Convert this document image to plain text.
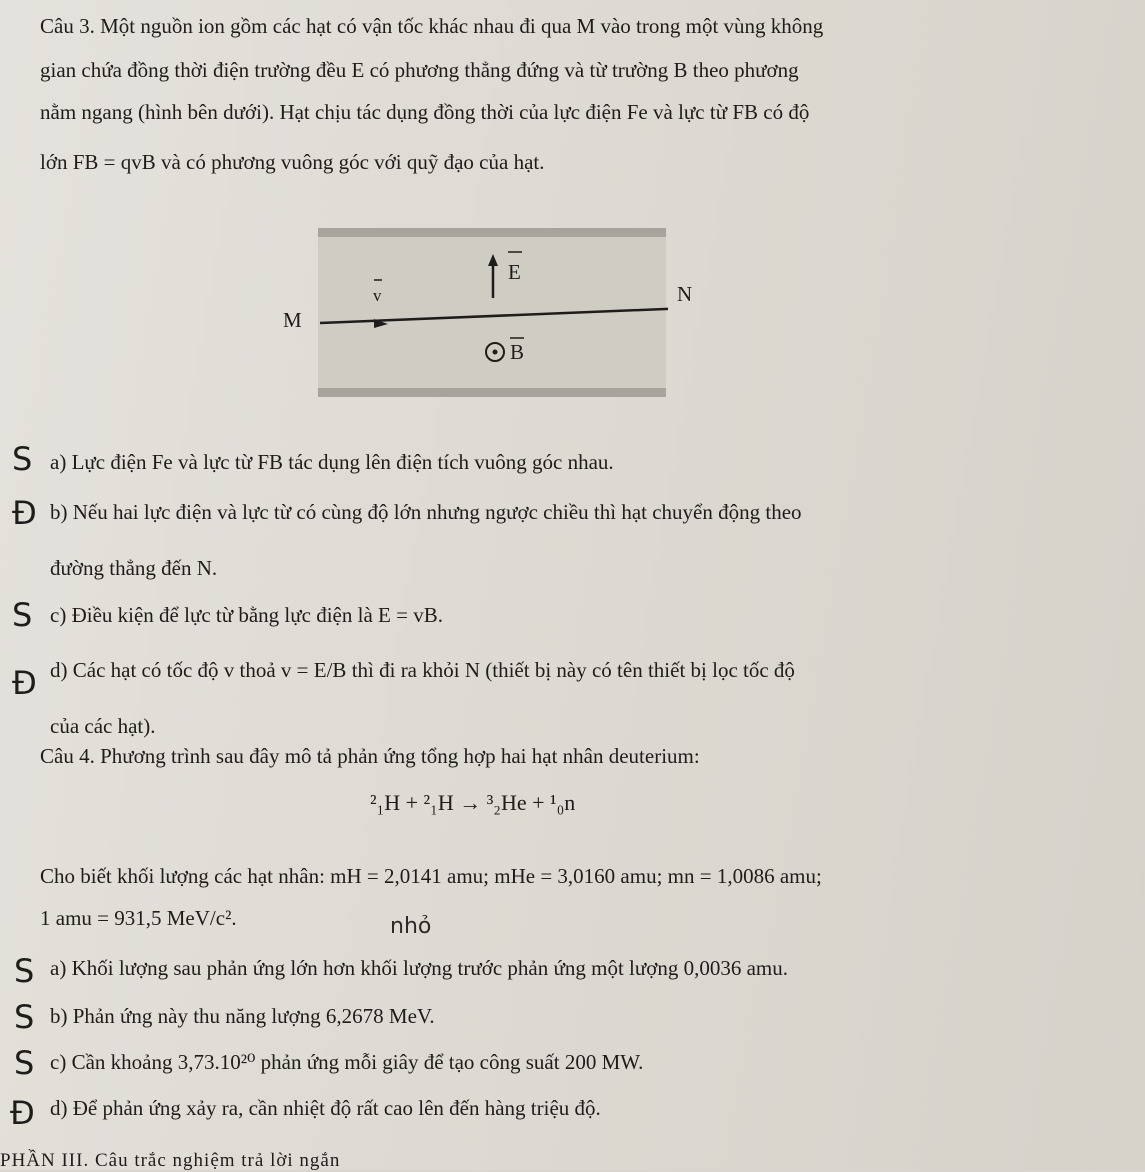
Câu 3. Một nguồn ion gồm các hạt có vận tốc khác nhau đi qua M vào trong một vùng không
gian chứa đồng thời điện trường đều E có phương thẳng đứng và từ trường B theo phương
nằm ngang (hình bên dưới). Hạt chịu tác dụng đồng thời của lực điện Fe và lực từ FB có độ
lớn FB = qvB và có phương vuông góc với quỹ đạo của hạt.
E
v
B
M
N
a) Lực điện Fe và lực từ FB tác dụng lên điện tích vuông góc nhau.
b) Nếu hai lực điện và lực từ có cùng độ lớn nhưng ngược chiều thì hạt chuyển động theo
đường thẳng đến N.
c) Điều kiện để lực từ bằng lực điện là E = vB.
d) Các hạt có tốc độ v thoả v = E/B thì đi ra khỏi N (thiết bị này có tên thiết bị lọc tốc độ
của các hạt).
Câu 4. Phương trình sau đây mô tả phản ứng tổng hợp hai hạt nhân deuterium:
²₁H + ²₁H → ³₂He + ¹₀n
Cho biết khối lượng các hạt nhân: mH = 2,0141 amu; mHe = 3,0160 amu; mn = 1,0086 amu;
1 amu = 931,5 MeV/c².	nhỏ
a) Khối lượng sau phản ứng lớn hơn khối lượng trước phản ứng một lượng 0,0036 amu.
b) Phản ứng này thu năng lượng 6,2678 MeV.
c) Cần khoảng 3,73.10²⁰ phản ứng mỗi giây để tạo công suất 200 MW.
d) Để phản ứng xảy ra, cần nhiệt độ rất cao lên đến hàng triệu độ.
S
Đ
S
Đ
S
S
S
Đ
PHẦN III. Câu trắc nghiệm trả lời ngắn
